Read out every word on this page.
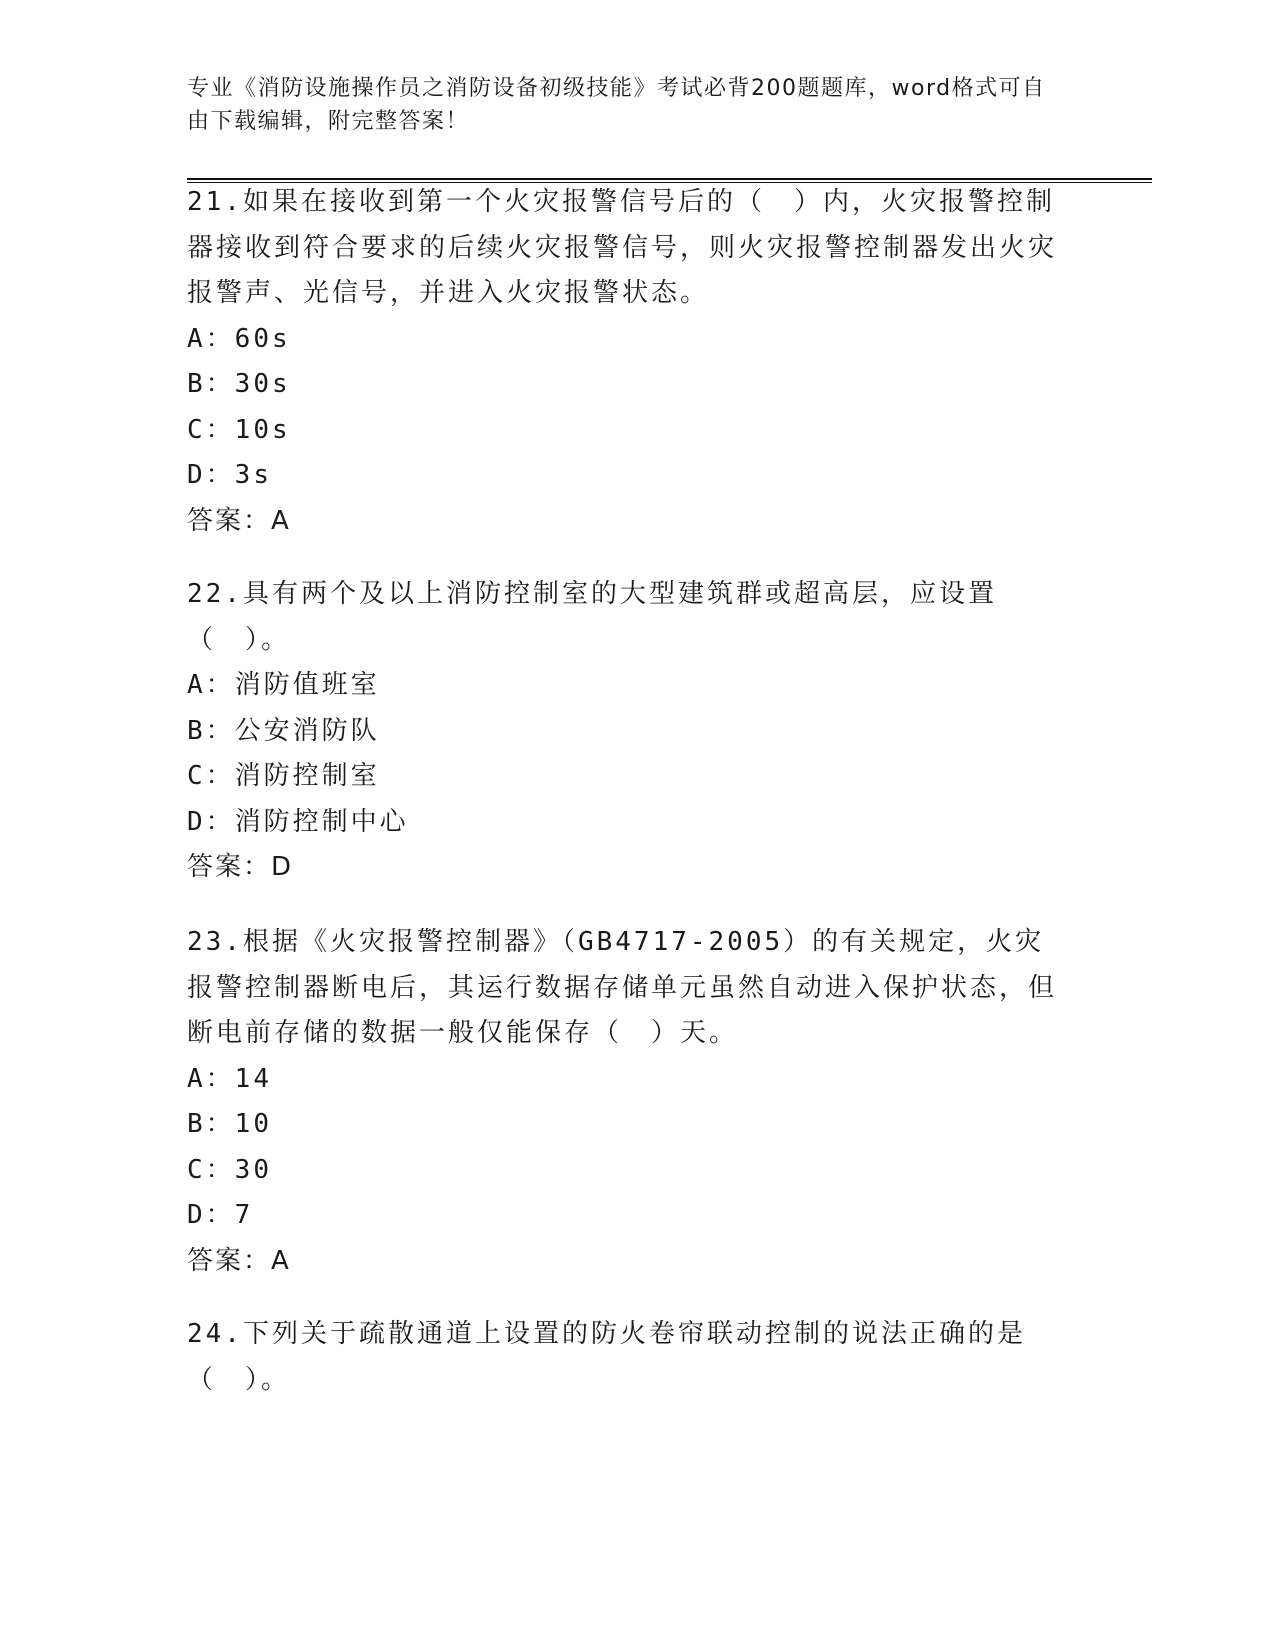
专业《消防设施操作员之消防设备初级技能》考试必背200题题库，word格式可自由下载编辑，附完整答案！

21.如果在接收到第一个火灾报警信号后的（　）内，火灾报警控制器接收到符合要求的后续火灾报警信号，则火灾报警控制器发出火灾报警声、光信号，并进入火灾报警状态。

A：60s

B：30s

C：10s

D：3s

答案：A

22.具有两个及以上消防控制室的大型建筑群或超高层，应设置（　）。

A：消防值班室

B：公安消防队

C：消防控制室

D：消防控制中心

答案：D

23.根据《火灾报警控制器》（GB4717-2005）的有关规定，火灾报警控制器断电后，其运行数据存储单元虽然自动进入保护状态，但断电前存储的数据一般仅能保存（　）天。

A：14

B：10

C：30

D：7

答案：A

24.下列关于疏散通道上设置的防火卷帘联动控制的说法正确的是（　）。
